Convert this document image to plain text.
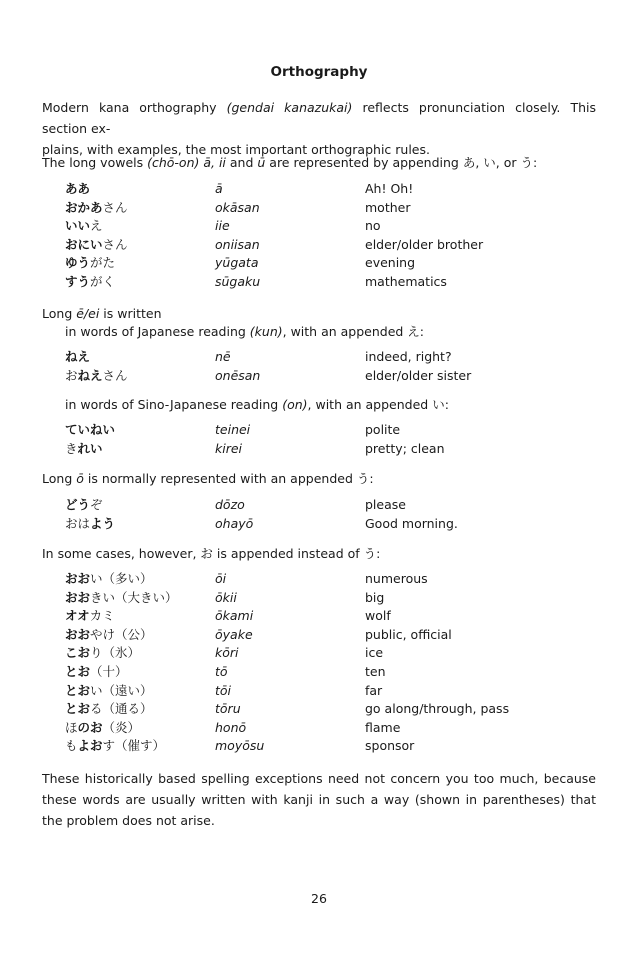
Orthography
Modern kana orthography (gendai kanazukai) reflects pronunciation closely. This section ex-
plains, with examples, the most important orthographic rules.
The long vowels (chō-on) ā, ii and ū are represented by appending あ, い, or う:
ああ	ā	Ah! Oh!
おかあさん	okāsan	mother
いいえ	iie	no
おにいさん	oniisan	elder/older brother
ゆうがた	yūgata	evening
すうがく	sūgaku	mathematics
Long ē/ei is written
in words of Japanese reading (kun), with an appended え:
ねえ	nē	indeed, right?
おねえさん	onēsan	elder/older sister
in words of Sino-Japanese reading (on), with an appended い:
ていねい	teinei	polite
きれい	kirei	pretty; clean
Long ō is normally represented with an appended う:
どうぞ	dōzo	please
おはよう	ohayō	Good morning.
In some cases, however, お is appended instead of う:
おおい（多い）	ōi	numerous
おおきい（大きい）	ōkii	big
オオカミ	ōkami	wolf
おおやけ（公）	ōyake	public, official
こおり（氷）	kōri	ice
とお（十）	tō	ten
とおい（遠い）	tōi	far
とおる（通る）	tōru	go along/through, pass
ほのお（炎）	honō	flame
もよおす（催す）	moyōsu	sponsor
These historically based spelling exceptions need not concern you too much, because these words are usually written with kanji in such a way (shown in parentheses) that the problem does not arise.
26
